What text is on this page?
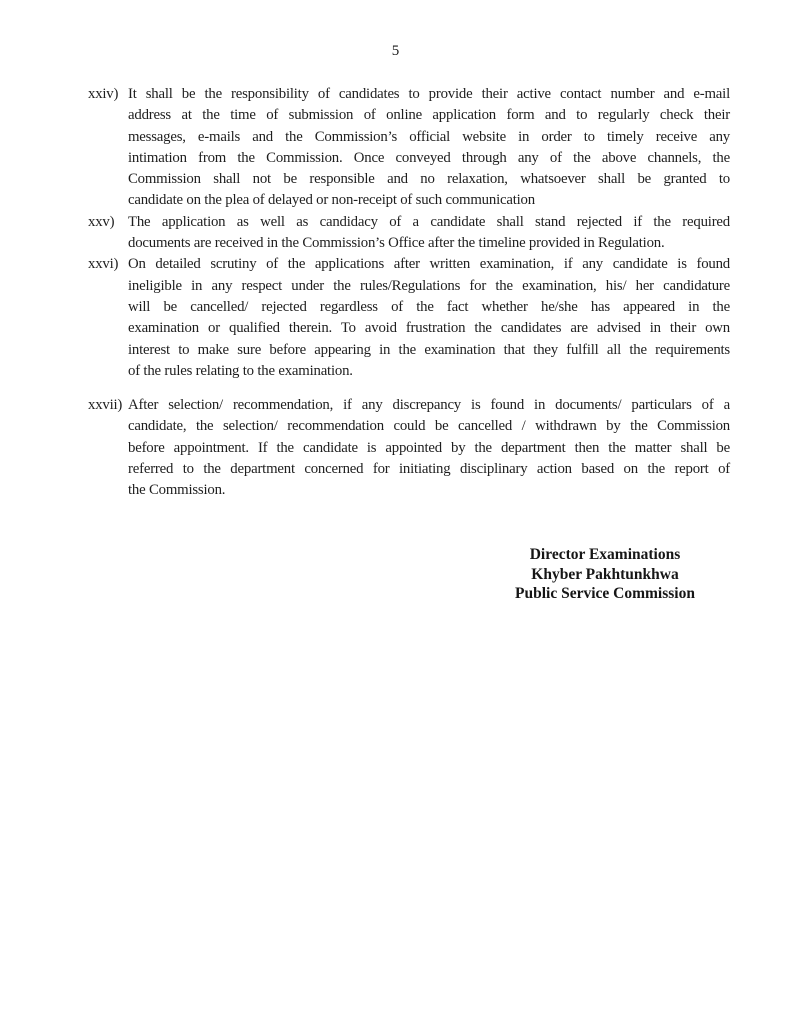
5
xxiv) It shall be the responsibility of candidates to provide their active contact number and e-mail
address at the time of submission of online application form and to regularly check their
messages, e-mails and the Commission’s official website in order to timely receive any
intimation from the Commission. Once conveyed through any of the above channels, the
Commission shall not be responsible and no relaxation, whatsoever shall be granted to
candidate on the plea of delayed or non-receipt of such communication
xxv) The application as well as candidacy of a candidate shall stand rejected if the required
documents are received in the Commission’s Office after the timeline provided in Regulation.
xxvi) On detailed scrutiny of the applications after written examination, if any candidate is found
ineligible in any respect under the rules/Regulations for the examination, his/ her candidature
will be cancelled/ rejected regardless of the fact whether he/she has appeared in the
examination or qualified therein. To avoid frustration the candidates are advised in their own
interest to make sure before appearing in the examination that they fulfill all the requirements
of the rules relating to the examination.
xxvii) After selection/ recommendation, if any discrepancy is found in documents/ particulars of a
candidate, the selection/ recommendation could be cancelled / withdrawn by the Commission
before appointment. If the candidate is appointed by the department then the matter shall be
referred to the department concerned for initiating disciplinary action based on the report of
the Commission.
Director Examinations
Khyber Pakhtunkhwa
Public Service Commission
